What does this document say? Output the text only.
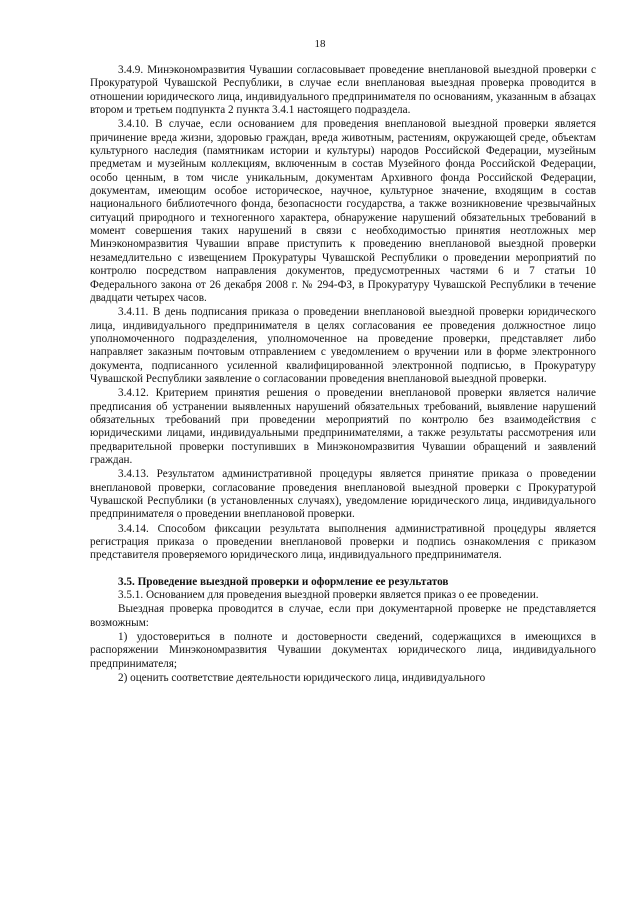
18

3.4.9. Минэкономразвития Чувашии согласовывает проведение внеплановой выездной проверки с Прокуратурой Чувашской Республики, в случае если внеплановая выездная проверка проводится в отношении юридического лица, индивидуального предпринимателя по основаниям, указанным в абзацах втором и третьем подпункта 2 пункта 3.4.1 настоящего подраздела.

3.4.10. В случае, если основанием для проведения внеплановой выездной проверки является причинение вреда жизни, здоровью граждан, вреда животным, растениям, окружающей среде, объектам культурного наследия (памятникам истории и культуры) народов Российской Федерации, музейным предметам и музейным коллекциям, включенным в состав Музейного фонда Российской Федерации, особо ценным, в том числе уникальным, документам Архивного фонда Российской Федерации, документам, имеющим особое историческое, научное, культурное значение, входящим в состав национального библиотечного фонда, безопасности государства, а также возникновение чрезвычайных ситуаций природного и техногенного характера, обнаружение нарушений обязательных требований в момент совершения таких нарушений в связи с необходимостью принятия неотложных мер Минэкономразвития Чувашии вправе приступить к проведению внеплановой выездной проверки незамедлительно с извещением Прокуратуры Чувашской Республики о проведении мероприятий по контролю посредством направления документов, предусмотренных частями 6 и 7 статьи 10 Федерального закона от 26 декабря 2008 г. № 294-ФЗ, в Прокуратуру Чувашской Республики в течение двадцати четырех часов.

3.4.11. В день подписания приказа о проведении внеплановой выездной проверки юридического лица, индивидуального предпринимателя в целях согласования ее проведения должностное лицо уполномоченного подразделения, уполномоченное на проведение проверки, представляет либо направляет заказным почтовым отправлением с уведомлением о вручении или в форме электронного документа, подписанного усиленной квалифицированной электронной подписью, в Прокуратуру Чувашской Республики заявление о согласовании проведения внеплановой выездной проверки.

3.4.12. Критерием принятия решения о проведении внеплановой проверки является наличие предписания об устранении выявленных нарушений обязательных требований, выявление нарушений обязательных требований при проведении мероприятий по контролю без взаимодействия с юридическими лицами, индивидуальными предпринимателями, а также результаты рассмотрения или предварительной проверки поступивших в Минэкономразвития Чувашии обращений и заявлений граждан.

3.4.13. Результатом административной процедуры является принятие приказа о проведении внеплановой проверки, согласование проведения внеплановой выездной проверки с Прокуратурой Чувашской Республики (в установленных случаях), уведомление юридического лица, индивидуального предпринимателя о проведении внеплановой проверки.

3.4.14. Способом фиксации результата выполнения административной процедуры является регистрация приказа о проведении внеплановой проверки и подпись ознакомления с приказом представителя проверяемого юридического лица, индивидуального предпринимателя.

3.5. Проведение выездной проверки и оформление ее результатов

3.5.1. Основанием для проведения выездной проверки является приказ о ее проведении.

Выездная проверка проводится в случае, если при документарной проверке не представляется возможным:

1) удостовериться в полноте и достоверности сведений, содержащихся в имеющихся в распоряжении Минэкономразвития Чувашии документах юридического лица, индивидуального предпринимателя;

2) оценить соответствие деятельности юридического лица, индивидуального
